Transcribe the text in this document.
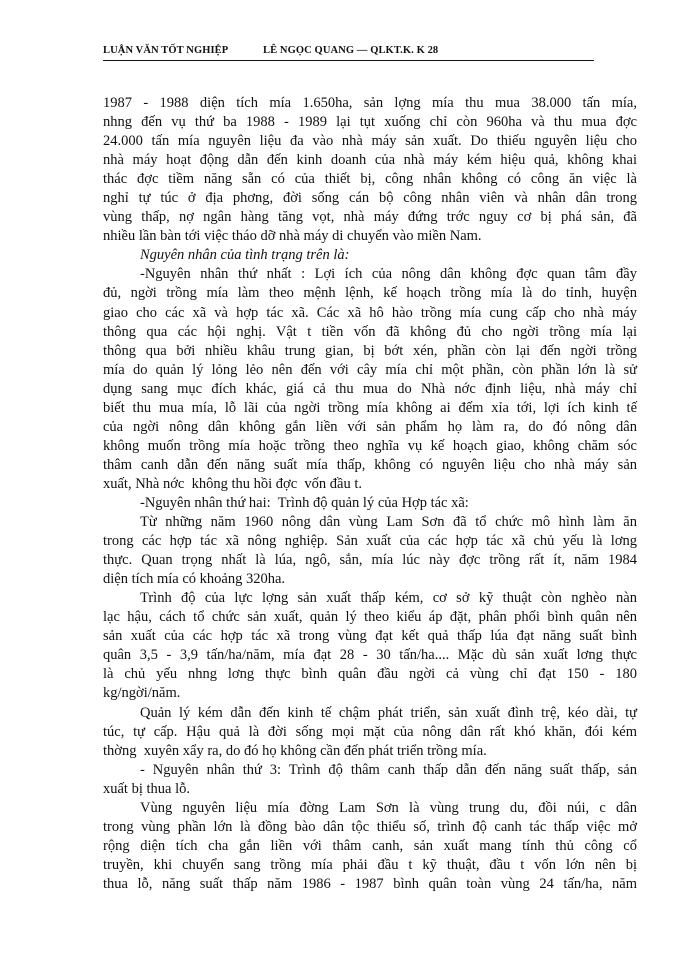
LUẬN VĂN TỐT NGHIỆP	LÊ NGỌC QUANG — QLKT.K. K 28
1987 - 1988 diện tích mía 1.650ha, sản lợng mía thu mua 38.000 tấn mía,
nhng đến vụ thứ ba 1988 - 1989 lại tụt xuống chỉ còn 960ha và thu mua đợc
24.000 tấn mía nguyên liệu đa vào nhà máy sản xuất. Do thiếu nguyên liệu cho
nhà máy hoạt động dẫn đến kinh doanh của nhà máy kém hiệu quả, không khai
thác đợc tiềm năng sẵn có của thiết bị, công nhân không có công ăn việc là
nghỉ tự túc ở địa phơng, đời sống cán bộ công nhân viên và nhân dân trong
vùng thấp, nợ ngân hàng tăng vọt, nhà máy đứng trớc nguy cơ bị phá sản, đã
nhiều lần bàn tới việc tháo dỡ nhà máy di chuyển vào miền Nam.
Nguyên nhân của tình trạng trên là:
-Nguyên nhân thứ nhất : Lợi ích của nông dân không đợc quan tâm đầy
đủ, ngời trồng mía làm theo mệnh lệnh, kế hoạch trồng mía là do tỉnh, huyện
giao cho các xã và hợp tác xã. Các xã hô hào trồng mía cung cấp cho nhà máy
thông qua các hội nghị. Vật t tiền vốn đã không đủ cho ngời trồng mía lại
thông qua bởi nhiều khâu trung gian, bị bớt xén, phần còn lại đến ngời trồng
mía do quản lý lỏng lẻo nên đến với cây mía chỉ một phần, còn phần lớn là sử
dụng sang mục đích khác, giá cả thu mua do Nhà nớc định liệu, nhà máy chỉ
biết thu mua mía, lỗ lãi của ngời trồng mía không ai đếm xỉa tới, lợi ích kinh tế
của ngời nông dân không gắn liền với sản phẩm họ làm ra, do đó nông dân
không muốn trồng mía hoặc trồng theo nghĩa vụ kế hoạch giao, không chăm sóc
thâm canh dẫn đến năng suất mía thấp, không có nguyên liệu cho nhà máy sản
xuất, Nhà nớc  không thu hồi đợc  vốn đầu t.
-Nguyên nhân thứ hai:  Trình độ quản lý của Hợp tác xã:
Từ những năm 1960 nông dân vùng Lam Sơn đã tổ chức mô hình làm ăn
trong các hợp tác xã nông nghiệp. Sản xuất của các hợp tác xã chủ yếu là lơng
thực. Quan trọng nhất là lúa, ngô, sắn, mía lúc này đợc trồng rất ít, năm 1984
diện tích mía có khoảng 320ha.
Trình độ của lực lợng sản xuất thấp kém, cơ sở kỹ thuật còn nghèo nàn
lạc hậu, cách tổ chức sản xuất, quản lý theo kiểu áp đặt, phân phối bình quân nên
sản xuất của các hợp tác xã trong vùng đạt kết quả thấp lúa đạt năng suất bình
quân 3,5 - 3,9 tấn/ha/năm, mía đạt 28 - 30 tấn/ha.... Mặc dù sản xuất lơng thực
là chủ yếu nhng lơng thực bình quân đầu ngời cả vùng chỉ đạt 150 - 180
kg/ngời/năm.
Quản lý kém dẫn đến kinh tế chậm phát triển, sản xuất đình trệ, kéo dài, tự
túc, tự cấp. Hậu quả là đời sống mọi mặt của nông dân rất khó khăn, đói kém
thờng  xuyên xẩy ra, do đó họ không cần đến phát triển trồng mía.
- Nguyên nhân thứ 3: Trình độ thâm canh thấp dẫn đến năng suất thấp, sản
xuất bị thua lỗ.
Vùng nguyên liệu mía đờng Lam Sơn là vùng trung du, đồi núi, c dân
trong vùng phần lớn là đồng bào dân tộc thiểu số, trình độ canh tác thấp việc mở
rộng diện tích cha gắn liền với thâm canh, sản xuất mang tính thủ công cổ
truyền, khi chuyển sang trồng mía phải đầu t kỹ thuật, đầu t vốn lớn nên bị
thua lỗ, năng suất thấp năm 1986 - 1987 bình quân toàn vùng 24 tấn/ha, năm
